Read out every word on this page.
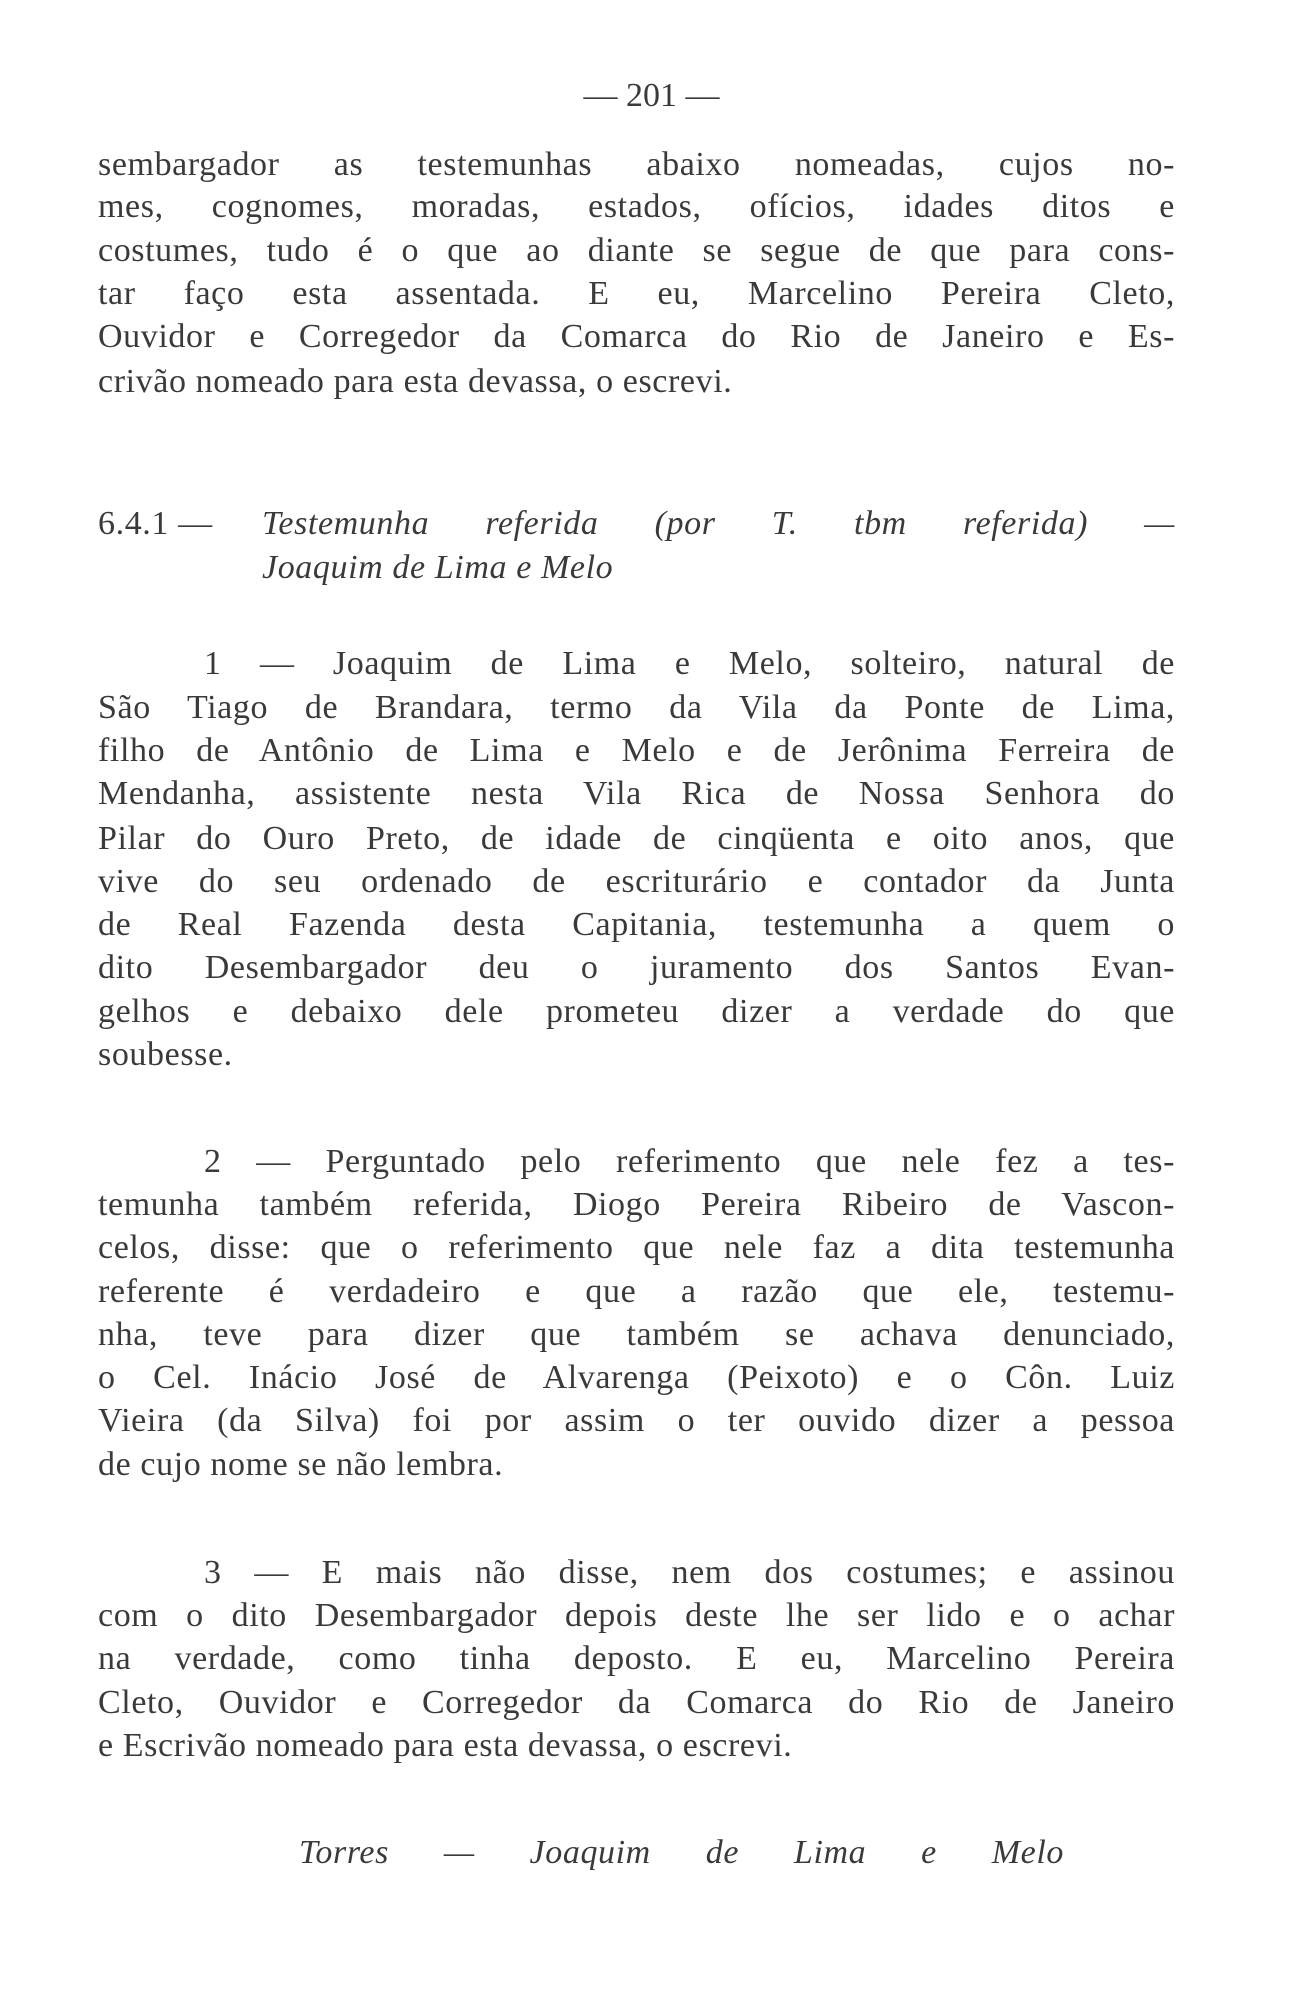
— 201 —
sembargador as testemunhas abaixo nomeadas, cujos no-
mes, cognomes, moradas, estados, ofícios, idades ditos e
costumes, tudo é o que ao diante se segue de que para cons-
tar faço esta assentada. E eu, Marcelino Pereira Cleto,
Ouvidor e Corregedor da Comarca do Rio de Janeiro e Es-
crivão nomeado para esta devassa, o escrevi.
6.4.1 — Testemunha referida (por T. tbm referida) —
Joaquim de Lima e Melo
1 — Joaquim de Lima e Melo, solteiro, natural de
São Tiago de Brandara, termo da Vila da Ponte de Lima,
filho de Antônio de Lima e Melo e de Jerônima Ferreira de
Mendanha, assistente nesta Vila Rica de Nossa Senhora do
Pilar do Ouro Preto, de idade de cinqüenta e oito anos, que
vive do seu ordenado de escriturário e contador da Junta
de Real Fazenda desta Capitania, testemunha a quem o
dito Desembargador deu o juramento dos Santos Evan-
gelhos e debaixo dele prometeu dizer a verdade do que
soubesse.
2 — Perguntado pelo referimento que nele fez a tes-
temunha também referida, Diogo Pereira Ribeiro de Vascon-
celos, disse: que o referimento que nele faz a dita testemunha
referente é verdadeiro e que a razão que ele, testemu-
nha, teve para dizer que também se achava denunciado,
o Cel. Inácio José de Alvarenga (Peixoto) e o Côn. Luiz
Vieira (da Silva) foi por assim o ter ouvido dizer a pessoa
de cujo nome se não lembra.
3 — E mais não disse, nem dos costumes; e assinou
com o dito Desembargador depois deste lhe ser lido e o achar
na verdade, como tinha deposto. E eu, Marcelino Pereira
Cleto, Ouvidor e Corregedor da Comarca do Rio de Janeiro
e Escrivão nomeado para esta devassa, o escrevi.
Torres — Joaquim de Lima e Melo
